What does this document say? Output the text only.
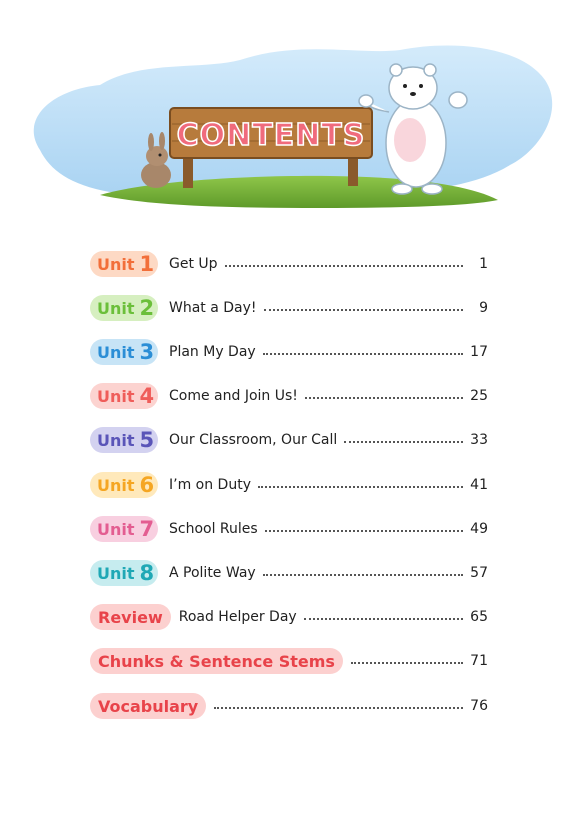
CONTENTS
Unit 1 Get Up	1
Unit 2 What a Day!	9
Unit 3 Plan My Day	17
Unit 4 Come and Join Us!	25
Unit 5 Our Classroom, Our Call	33
Unit 6 I’m on Duty	41
Unit 7 School Rules	49
Unit 8 A Polite Way	57
Review Road Helper Day	65
Chunks & Sentence Stems	71
Vocabulary	76
